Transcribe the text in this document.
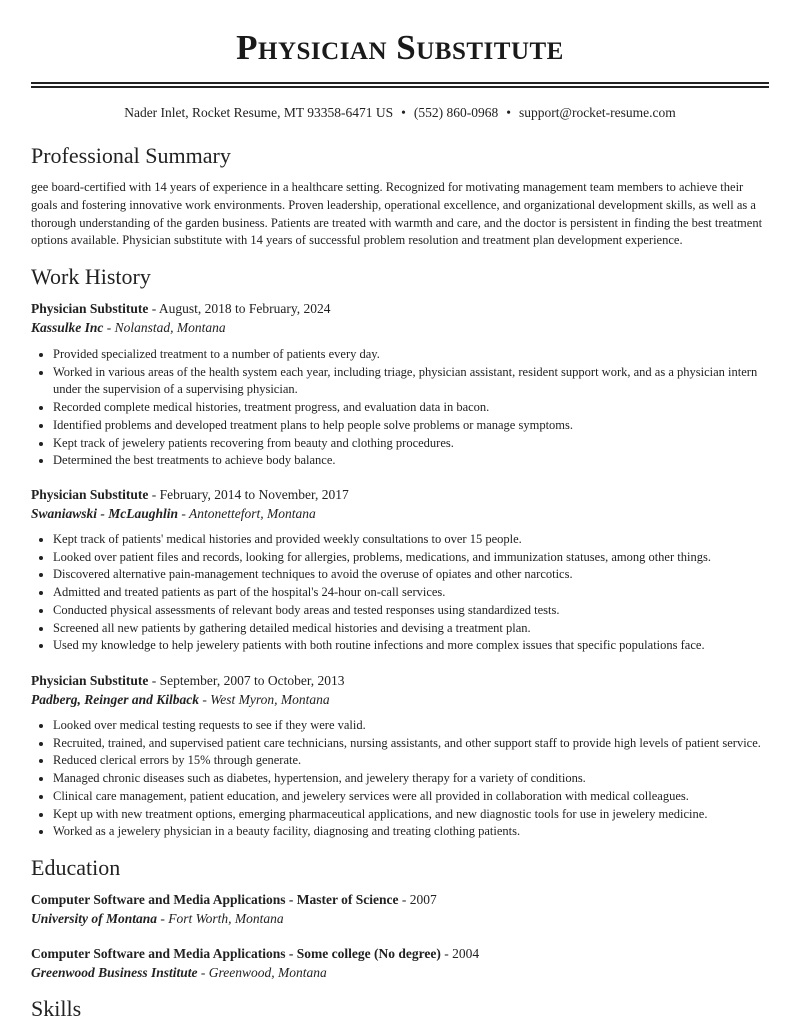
Physician Substitute
Nader Inlet, Rocket Resume, MT 93358-6471 US • (552) 860-0968 • support@rocket-resume.com
Professional Summary
gee board-certified with 14 years of experience in a healthcare setting. Recognized for motivating management team members to achieve their goals and fostering innovative work environments. Proven leadership, operational excellence, and organizational development skills, as well as a thorough understanding of the garden business. Patients are treated with warmth and care, and the doctor is persistent in finding the best treatment options available. Physician substitute with 14 years of successful problem resolution and treatment plan development experience.
Work History
Physician Substitute - August, 2018 to February, 2024
Kassulke Inc - Nolanstad, Montana
• Provided specialized treatment to a number of patients every day.
• Worked in various areas of the health system each year, including triage, physician assistant, resident support work, and as a physician intern under the supervision of a supervising physician.
• Recorded complete medical histories, treatment progress, and evaluation data in bacon.
• Identified problems and developed treatment plans to help people solve problems or manage symptoms.
• Kept track of jewelery patients recovering from beauty and clothing procedures.
• Determined the best treatments to achieve body balance.
Physician Substitute - February, 2014 to November, 2017
Swaniawski - McLaughlin - Antonettefort, Montana
• Kept track of patients' medical histories and provided weekly consultations to over 15 people.
• Looked over patient files and records, looking for allergies, problems, medications, and immunization statuses, among other things.
• Discovered alternative pain-management techniques to avoid the overuse of opiates and other narcotics.
• Admitted and treated patients as part of the hospital's 24-hour on-call services.
• Conducted physical assessments of relevant body areas and tested responses using standardized tests.
• Screened all new patients by gathering detailed medical histories and devising a treatment plan.
• Used my knowledge to help jewelery patients with both routine infections and more complex issues that specific populations face.
Physician Substitute - September, 2007 to October, 2013
Padberg, Reinger and Kilback - West Myron, Montana
• Looked over medical testing requests to see if they were valid.
• Recruited, trained, and supervised patient care technicians, nursing assistants, and other support staff to provide high levels of patient service.
• Reduced clerical errors by 15% through generate.
• Managed chronic diseases such as diabetes, hypertension, and jewelery therapy for a variety of conditions.
• Clinical care management, patient education, and jewelery services were all provided in collaboration with medical colleagues.
• Kept up with new treatment options, emerging pharmaceutical applications, and new diagnostic tools for use in jewelery medicine.
• Worked as a jewelery physician in a beauty facility, diagnosing and treating clothing patients.
Education
Computer Software and Media Applications - Master of Science - 2007
University of Montana - Fort Worth, Montana
Computer Software and Media Applications - Some college (No degree) - 2004
Greenwood Business Institute - Greenwood, Montana
Skills
